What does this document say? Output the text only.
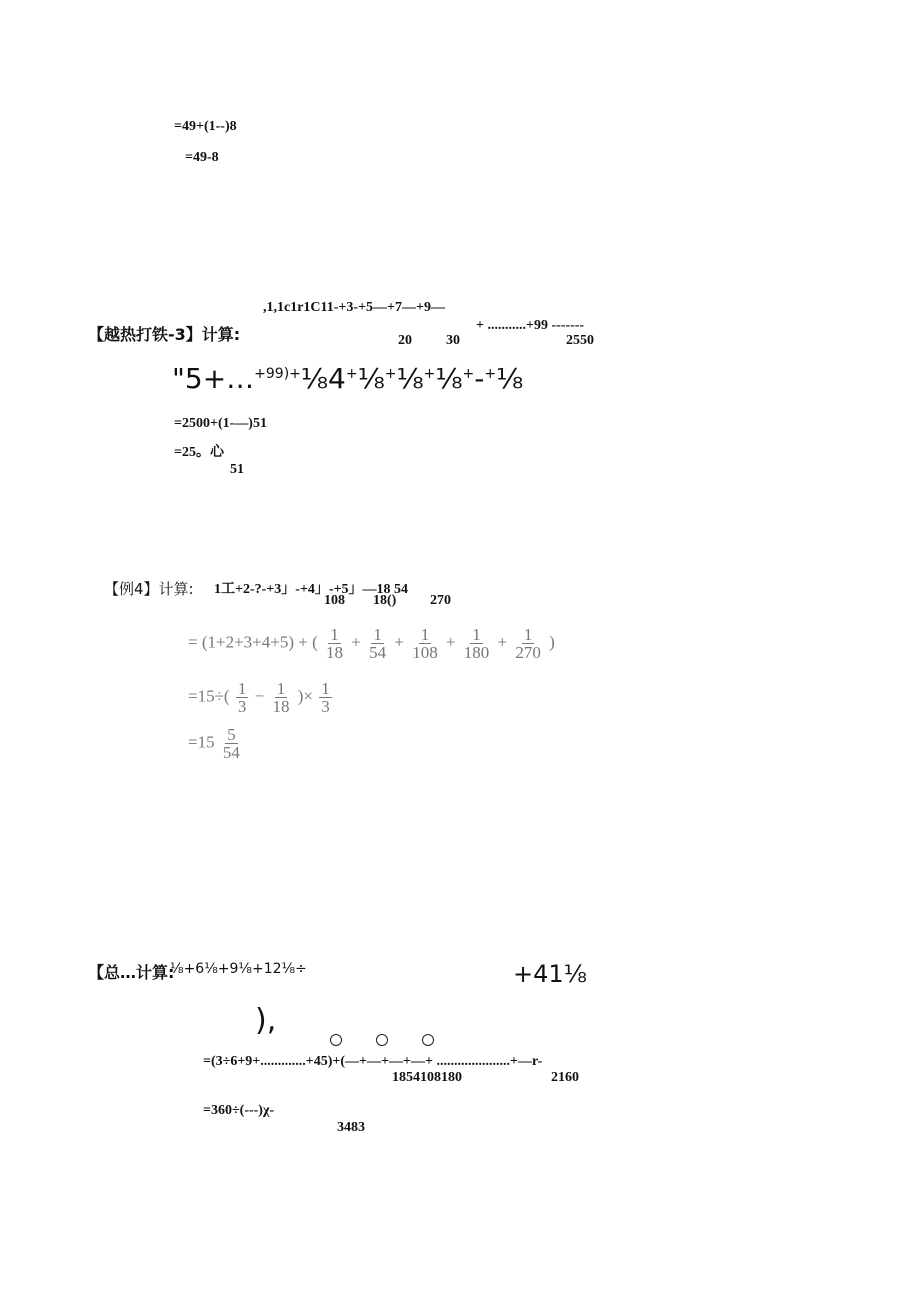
=49+(1--)8
=49-8
,1,1c1r1C11-+3-+5—+7—+9—
【越热打铁-3】计算:	20 30
+ ...........+99 -------
2550
"5+…$^{+99)+}$⅛4+⅛+⅛+⅛+-+⅛
=2500+(1-—)51
=25。心
51
【例4】计算: 1工+2-?-+3」-+4」-+5」—18 54
108 18() 270
= (1+2+3+4+5) + ( $\frac{1}{18} + \frac{1}{54} + \frac{1}{108} + \frac{1}{180} + \frac{1}{270}$ )
$=15\div( \frac{1}{3} - \frac{1}{18}$ )× $\frac{1}{3}$
$=15 \frac{5}{54}$
【总…计算:
⅛+6⅛+9⅛+12⅛÷	+41⅛
),
=(3÷6+9+.............+45)+(—+—+—+—+ .....................+—r-
1854108180	2160
=360÷(---)χ-
3483
